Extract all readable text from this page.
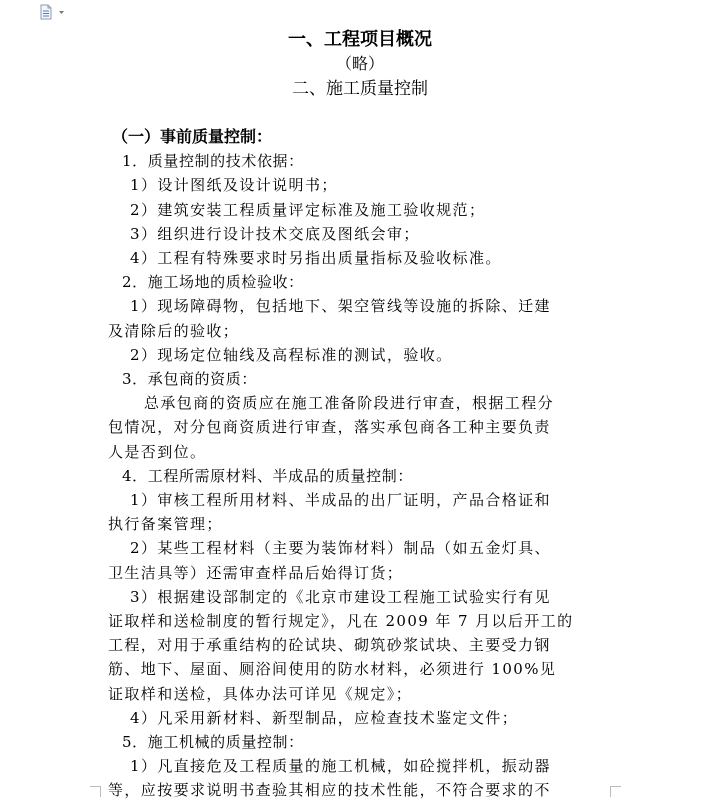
一、工程项目概况
（略）
二、施工质量控制

（一）事前质量控制：

1．质量控制的技术依据：

1）设计图纸及设计说明书；

2）建筑安装工程质量评定标准及施工验收规范；

3）组织进行设计技术交底及图纸会审；

4）工程有特殊要求时另指出质量指标及验收标准。

2．施工场地的质检验收：

1）现场障碍物，包括地下、架空管线等设施的拆除、迁建

及清除后的验收；

2）现场定位轴线及高程标准的测试，验收。

3．承包商的资质：

总承包商的资质应在施工准备阶段进行审查，根据工程分

包情况，对分包商资质进行审查，落实承包商各工种主要负责

人是否到位。

4．工程所需原材料、半成品的质量控制：

1）审核工程所用材料、半成品的出厂证明，产品合格证和

执行备案管理；

2）某些工程材料（主要为装饰材料）制品（如五金灯具、

卫生洁具等）还需审查样品后始得订货；

3）根据建设部制定的《北京市建设工程施工试验实行有见

证取样和送检制度的暂行规定》，凡在 2009 年 7 月以后开工的

工程，对用于承重结构的砼试块、砌筑砂浆试块、主要受力钢

筋、地下、屋面、厕浴间使用的防水材料，必须进行 100%见

证取样和送检，具体办法可详见《规定》；

4）凡采用新材料、新型制品，应检查技术鉴定文件；

5．施工机械的质量控制：

1）凡直接危及工程质量的施工机械，如砼搅拌机，振动器

等，应按要求说明书查验其相应的技术性能，不符合要求的不
